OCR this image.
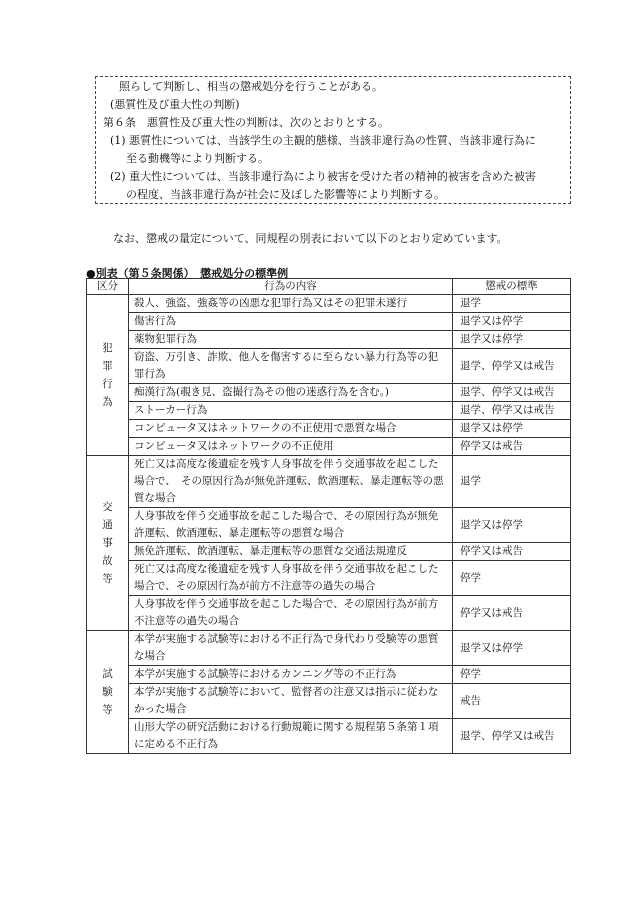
照らして判断し、相当の懲戒処分を行うことがある。
(悪質性及び重大性の判断)
第６条　悪質性及び重大性の判断は、次のとおりとする。
(1) 悪質性については、当該学生の主観的態様、当該非違行為の性質、当該非違行為に
至る動機等により判断する。
(2) 重大性については、当該非違行為により被害を受けた者の精神的被害を含めた被害
の程度、当該非違行為が社会に及ぼした影響等により判断する。
なお、懲戒の量定について、同規程の別表において以下のとおり定めています。
●別表（第５条関係）　懲戒処分の標準例
区分	行為の内容	懲戒の標準
犯罪行為	殺人、強盗、強姦等の凶悪な犯罪行為又はその犯罪未遂行	退学
	傷害行為	退学又は停学
	薬物犯罪行為	退学又は停学
	窃盗、万引き、詐欺、他人を傷害するに至らない暴力行為等の犯罪行為	退学、停学又は戒告
	痴漢行為(覗き見、盗撮行為その他の迷惑行為を含む。)	退学、停学又は戒告
	ストーカー行為	退学、停学又は戒告
	コンピュータ又はネットワークの不正使用で悪質な場合	退学又は停学
	コンピュータ又はネットワークの不正使用	停学又は戒告
交通事故等	死亡又は高度な後遺症を残す人身事故を伴う交通事故を起こした場合で、　その原因行為が無免許運転、飲酒運転、暴走運転等の悪質な場合	退学
	人身事故を伴う交通事故を起こした場合で、その原因行為が無免許運転、飲酒運転、暴走運転等の悪質な場合	退学又は停学
	無免許運転、飲酒運転、暴走運転等の悪質な交通法規違反	停学又は戒告
	死亡又は高度な後遺症を残す人身事故を伴う交通事故を起こした場合で、その原因行為が前方不注意等の過失の場合	停学
	人身事故を伴う交通事故を起こした場合で、その原因行為が前方不注意等の過失の場合	停学又は戒告
試験等	本学が実施する試験等における不正行為で身代わり受験等の悪質な場合	退学又は停学
	本学が実施する試験等におけるカンニング等の不正行為	停学
	本学が実施する試験等において、監督者の注意又は指示に従わなかった場合	戒告
	山形大学の研究活動における行動規範に関する規程第５条第１項に定める不正行為	退学、停学又は戒告
